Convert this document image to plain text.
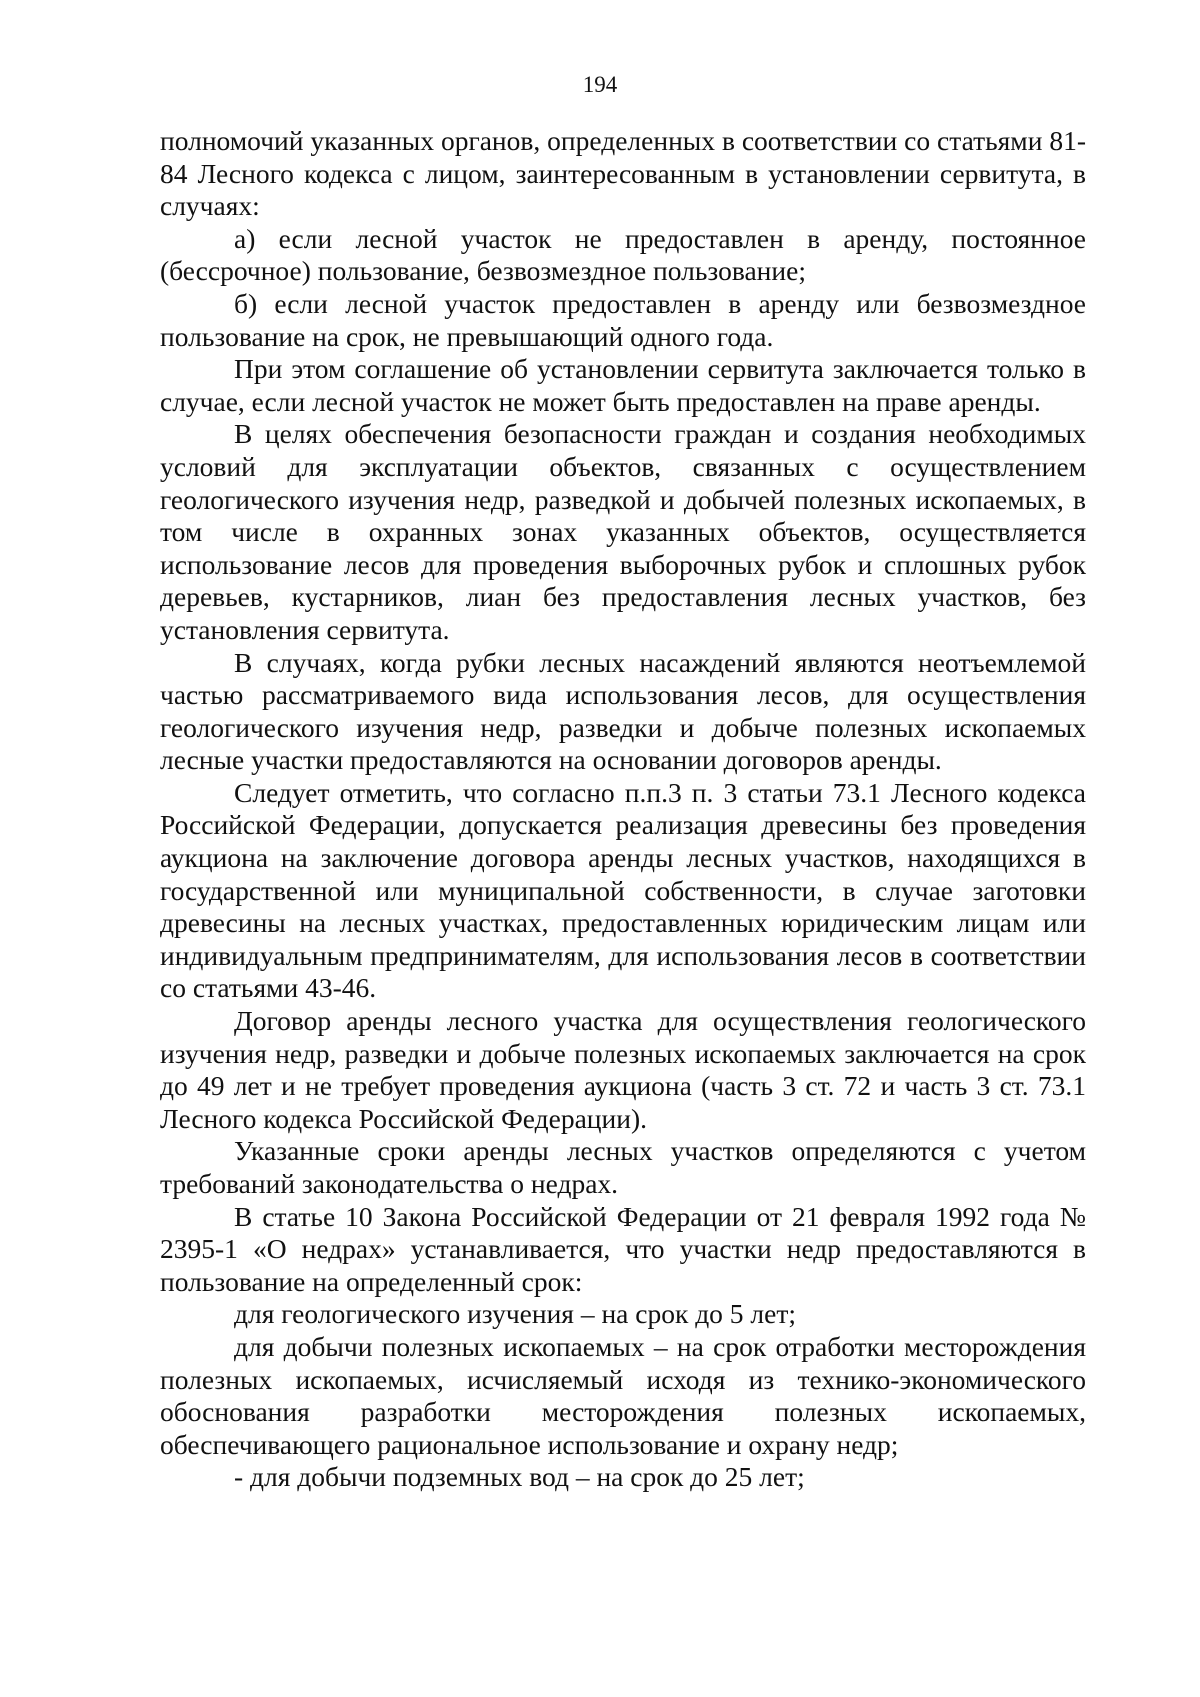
194

полномочий указанных органов, определенных в соответствии со статьями 81-84 Лесного кодекса с лицом, заинтересованным в установлении сервитута, в случаях:

а) если лесной участок не предоставлен в аренду, постоянное (бессрочное) пользование, безвозмездное пользование;

б) если лесной участок предоставлен в аренду или безвозмездное пользование на срок, не превышающий одного года.

При этом соглашение об установлении сервитута заключается только в случае, если лесной участок не может быть предоставлен на праве аренды.

В целях обеспечения безопасности граждан и создания необходимых условий для эксплуатации объектов, связанных с осуществлением геологического изучения недр, разведкой и добычей полезных ископаемых, в том числе в охранных зонах указанных объектов, осуществляется использование лесов для проведения выборочных рубок и сплошных рубок деревьев, кустарников, лиан без предоставления лесных участков, без установления сервитута.

В случаях, когда рубки лесных насаждений являются неотъемлемой частью рассматриваемого вида использования лесов, для осуществления геологического изучения недр, разведки и добыче полезных ископаемых лесные участки предоставляются на основании договоров аренды.

Следует отметить, что согласно п.п.3 п. 3 статьи 73.1 Лесного кодекса Российской Федерации, допускается реализация древесины без проведения аукциона на заключение договора аренды лесных участков, находящихся в государственной или муниципальной собственности, в случае заготовки древесины на лесных участках, предоставленных юридическим лицам или индивидуальным предпринимателям, для использования лесов в соответствии со статьями 43-46.

Договор аренды лесного участка для осуществления геологического изучения недр, разведки и добыче полезных ископаемых заключается на срок до 49 лет и не требует проведения аукциона (часть 3 ст. 72 и часть 3 ст. 73.1 Лесного кодекса Российской Федерации).

Указанные сроки аренды лесных участков определяются с учетом требований законодательства о недрах.

В статье 10 Закона Российской Федерации от 21 февраля 1992 года № 2395-1 «О недрах» устанавливается, что участки недр предоставляются в пользование на определенный срок:

для геологического изучения – на срок до 5 лет;

для добычи полезных ископаемых – на срок отработки месторождения полезных ископаемых, исчисляемый исходя из технико-экономического обоснования разработки месторождения полезных ископаемых, обеспечивающего рациональное использование и охрану недр;

- для добычи подземных вод – на срок до 25 лет;
